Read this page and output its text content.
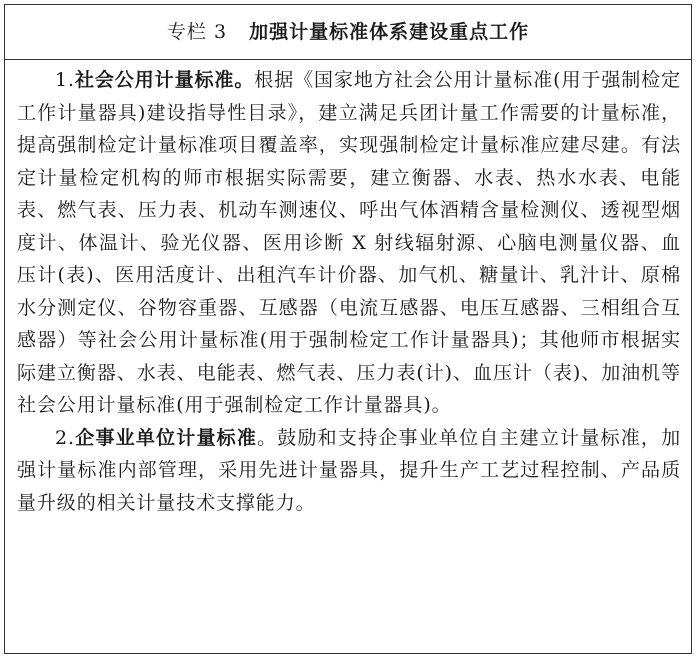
专栏 3 加强计量标准体系建设重点工作

1.社会公用计量标准。根据《国家地方社会公用计量标准(用于强制检定工作计量器具)建设指导性目录》，建立满足兵团计量工作需要的计量标准，提高强制检定计量标准项目覆盖率，实现强制检定计量标准应建尽建。有法定计量检定机构的师市根据实际需要，建立衡器、水表、热水水表、电能表、燃气表、压力表、机动车测速仪、呼出气体酒精含量检测仪、透视型烟度计、体温计、验光仪器、医用诊断 X 射线辐射源、心脑电测量仪器、血压计(表)、医用活度计、出租汽车计价器、加气机、糖量计、乳汁计、原棉水分测定仪、谷物容重器、互感器（电流互感器、电压互感器、三相组合互感器）等社会公用计量标准(用于强制检定工作计量器具)；其他师市根据实际建立衡器、水表、电能表、燃气表、压力表(计)、血压计（表)、加油机等社会公用计量标准(用于强制检定工作计量器具)。

2.企事业单位计量标准。鼓励和支持企事业单位自主建立计量标准，加强计量标准内部管理，采用先进计量器具，提升生产工艺过程控制、产品质量升级的相关计量技术支撑能力。
